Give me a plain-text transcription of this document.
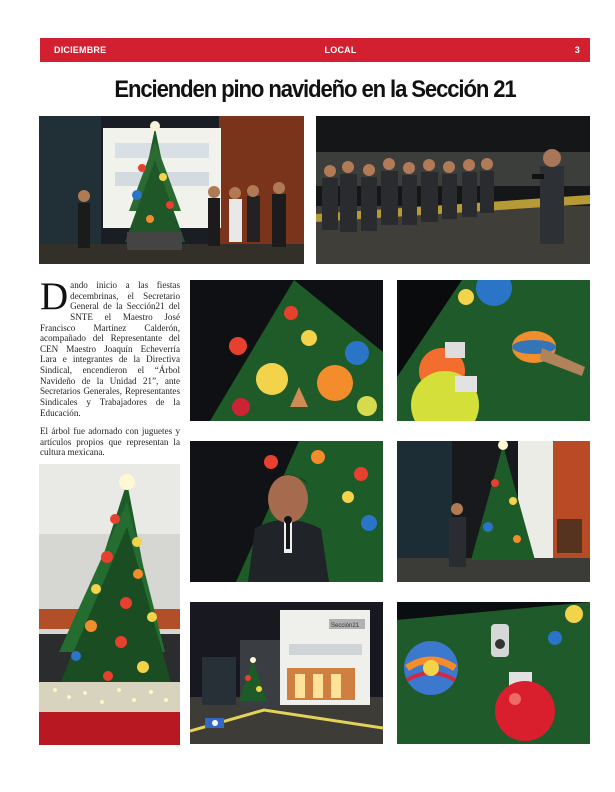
DICIEMBRE	LOCAL	3
Encienden pino navideño en la Sección 21

Dando inicio a las fiestas decembrinas, el Secretario General de la Sección21 del SNTE el Maestro José Francisco Martínez Calderón, acompañado del Representante del CEN Maestro Joaquín Echeverría Lara e integrantes de la Directiva Sindical, encendieron el “Árbol Navideño de la Unidad 21”, ante Secretarios Generales, Representantes Sindicales y Trabajadores de la Educación.

El árbol fue adornado con juguetes y artículos propios que representan la cultura mexicana.

Sección21
